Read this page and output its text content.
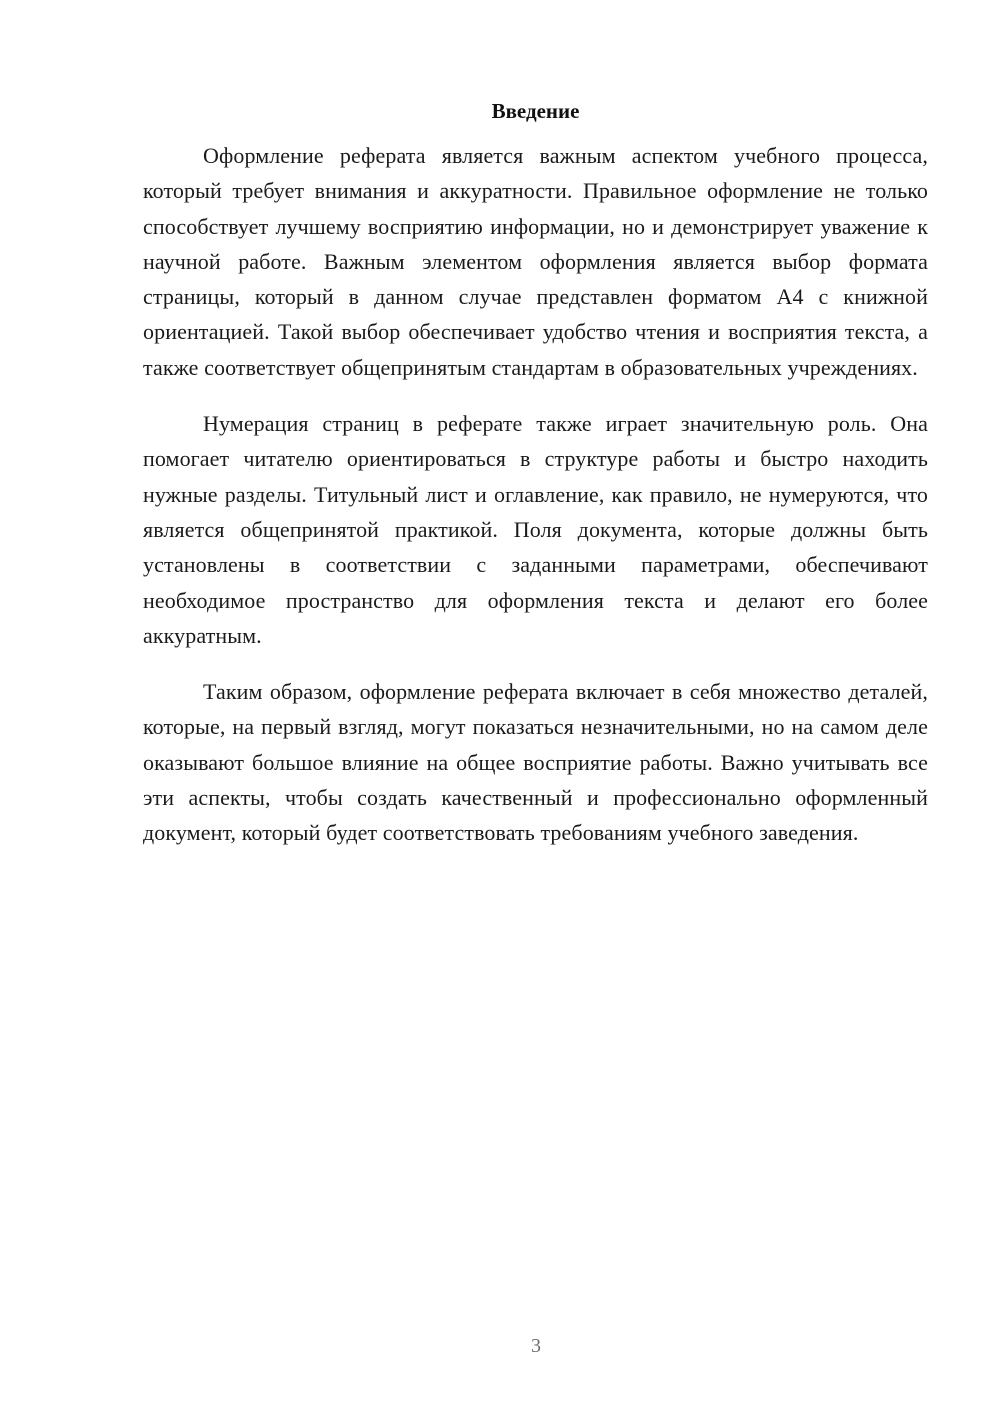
Введение

Оформление реферата является важным аспектом учебного процесса, который требует внимания и аккуратности. Правильное оформление не только способствует лучшему восприятию информации, но и демонстрирует уважение к научной работе. Важным элементом оформления является выбор формата страницы, который в данном случае представлен форматом А4 с книжной ориентацией. Такой выбор обеспечивает удобство чтения и восприятия текста, а также соответствует общепринятым стандартам в образовательных учреждениях.

Нумерация страниц в реферате также играет значительную роль. Она помогает читателю ориентироваться в структуре работы и быстро находить нужные разделы. Титульный лист и оглавление, как правило, не нумеруются, что является общепринятой практикой. Поля документа, которые должны быть установлены в соответствии с заданными параметрами, обеспечивают необходимое пространство для оформления текста и делают его более аккуратным.

Таким образом, оформление реферата включает в себя множество деталей, которые, на первый взгляд, могут показаться незначительными, но на самом деле оказывают большое влияние на общее восприятие работы. Важно учитывать все эти аспекты, чтобы создать качественный и профессионально оформленный документ, который будет соответствовать требованиям учебного заведения.

3
